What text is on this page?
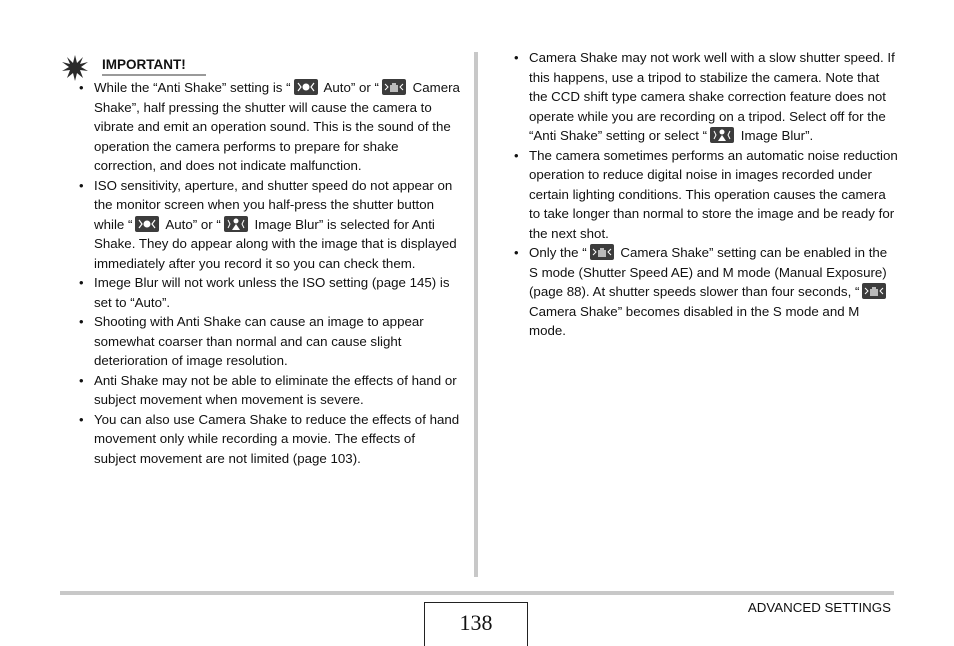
IMPORTANT!
• While the “Anti Shake” setting is “
Auto” or “
Camera Shake”, half pressing the shutter will cause the camera to vibrate and emit an operation sound. This is the sound of the operation the camera performs to prepare for shake correction, and does not indicate malfunction.
• ISO sensitivity, aperture, and shutter speed do not appear on the monitor screen when you half-press the shutter button while “
Auto” or “
Image Blur” is selected for Anti Shake. They do appear along with the image that is displayed immediately after you record it so you can check them.
• Imege Blur will not work unless the ISO setting (page 145) is set to “Auto”.
• Shooting with Anti Shake can cause an image to appear somewhat coarser than normal and can cause slight deterioration of image resolution.
• Anti Shake may not be able to eliminate the effects of hand or subject movement when movement is severe.
• You can also use Camera Shake to reduce the effects of hand movement only while recording a movie. The effects of subject movement are not limited (page 103).
• Camera Shake may not work well with a slow shutter speed. If this happens, use a tripod to stabilize the camera. Note that the CCD shift type camera shake correction feature does not operate while you are recording on a tripod. Select off for the “Anti Shake” setting or select “
Image Blur”.
• The camera sometimes performs an automatic noise reduction operation to reduce digital noise in images recorded under certain lighting conditions. This operation causes the camera to take longer than normal to store the image and be ready for the next shot.
• Only the “
Camera Shake” setting can be enabled in the S mode (Shutter Speed AE) and M mode (Manual Exposure) (page 88). At shutter speeds slower than four seconds, “
Camera Shake” becomes disabled in the S mode and M mode.
138
ADVANCED SETTINGS
